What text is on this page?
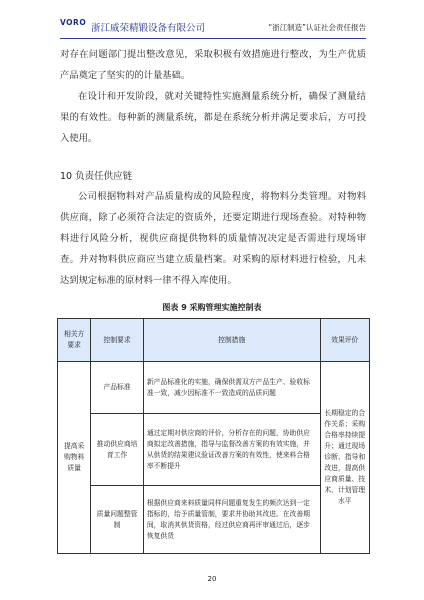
VORO
浙江威荣精锻设备有限公司	“浙江制造”认证社会责任报告

对存在问题部门提出整改意见，采取积极有效措施进行整改，为生产优质产品奠定了坚实的的计量基础。

在设计和开发阶段，就对关键特性实施测量系统分析，确保了测量结果的有效性。每种新的测量系统，都是在系统分析并满足要求后，方可投入使用。

10 负责任供应链

公司根据物料对产品质量构成的风险程度，将物料分类管理。对物料供应商，除了必须符合法定的资质外，还要定期进行现场查验。对特种物料进行风险分析，视供应商提供物料的质量情况决定是否需进行现场审查。并对物料供应商应当建立质量档案。对采购的原材料进行检验，凡未达到规定标准的原材料一律不得入库使用。

图表 9 采购管理实施控制表
相关方要求	控制要求	控制措施	效果评价
提高采购物料质量	产品标准	新产品标准化的实施，确保供需双方产品生产、验收标准一致，减少因标准不一致造成的品质问题	长期稳定的合作关系；采购合格率持续提升；通过现场诊断、指导和改进，提高供应商质量、技术、计划管理水平
	推动供应商培育工作	通过定期对供应商的评价，分析存在的问题，协助供应商拟定改善措施，指导与监督改善方案的有效实施，并从供货的结果建议验证改善方案的有效性，使来料合格率不断提升	
	质量问题整管制	根据供应商来料质量同样问题重复发生的频次达到一定指标的，给予质量管制，要求并协助其改进。在改善期间，取消其供货资格，经过供应商再评审通过后，逐步恢复供货	
20
